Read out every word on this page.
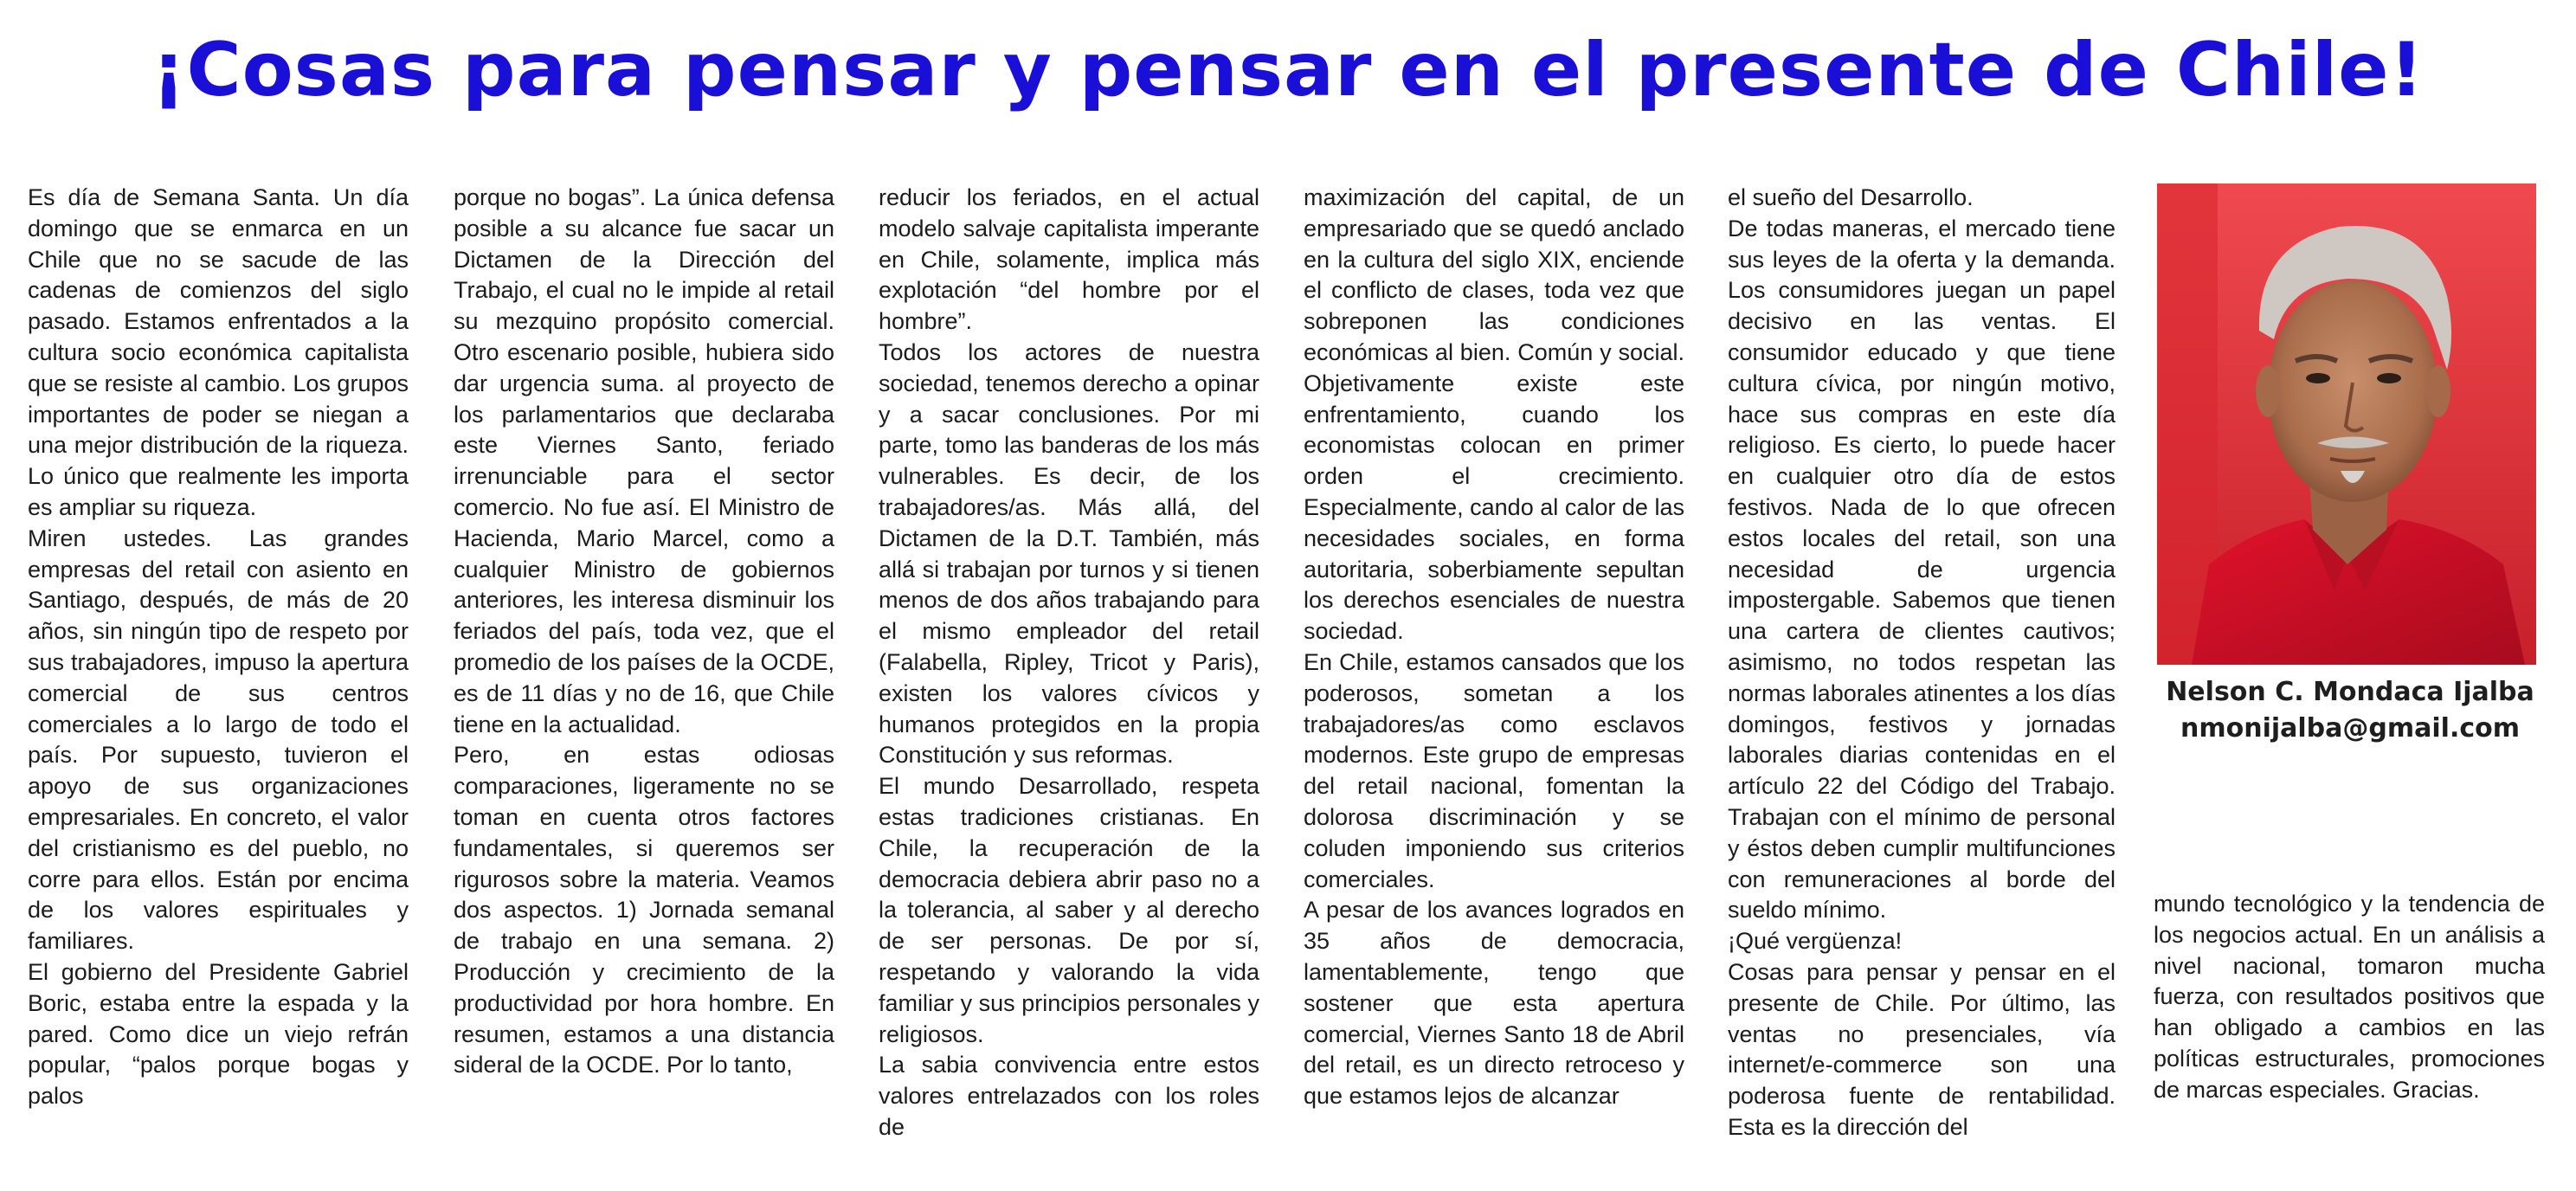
¡Cosas para pensar y pensar en el presente de Chile!

Es día de Semana Santa. Un día domingo que se enmarca en un Chile que no se sacude de las cadenas de comienzos del siglo pasado. Estamos enfrentados a la cultura socio económica capitalista que se resiste al cambio. Los grupos importantes de poder se niegan a una mejor distribución de la riqueza. Lo único que realmente les importa es ampliar su riqueza.

Miren ustedes. Las grandes empresas del retail con asiento en Santiago, después, de más de 20 años, sin ningún tipo de respeto por sus trabajadores, impuso la apertura comercial de sus centros comerciales a lo largo de todo el país. Por supuesto, tuvieron el apoyo de sus organizaciones empresariales. En concreto, el valor del cristianismo es del pueblo, no corre para ellos. Están por encima de los valores espirituales y familiares.

El gobierno del Presidente Gabriel Boric, estaba entre la espada y la pared. Como dice un viejo refrán popular, “palos porque bogas y palos

porque no bogas”. La única defensa posible a su alcance fue sacar un Dictamen de la Dirección del Trabajo, el cual no le impide al retail su mezquino propósito comercial. Otro escenario posible, hubiera sido dar urgencia suma. al proyecto de los parlamentarios que declaraba este Viernes Santo, feriado irrenunciable para el sector comercio. No fue así. El Ministro de Hacienda, Mario Marcel, como a cualquier Ministro de gobiernos anteriores, les interesa disminuir los feriados del país, toda vez, que el promedio de los países de la OCDE, es de 11 días y no de 16, que Chile tiene en la actualidad.

Pero, en estas odiosas comparaciones, ligeramente no se toman en cuenta otros factores fundamentales, si queremos ser rigurosos sobre la materia. Veamos dos aspectos. 1) Jornada semanal de trabajo en una semana. 2) Producción y crecimiento de la productividad por hora hombre. En resumen, estamos a una distancia sideral de la OCDE. Por lo tanto,

reducir los feriados, en el actual modelo salvaje capitalista imperante en Chile, solamente, implica más explotación “del hombre por el hombre”.

Todos los actores de nuestra sociedad, tenemos derecho a opinar y a sacar conclusiones. Por mi parte, tomo las banderas de los más vulnerables. Es decir, de los trabajadores/as. Más allá, del Dictamen de la D.T. También, más allá si trabajan por turnos y si tienen menos de dos años trabajando para el mismo empleador del retail (Falabella, Ripley, Tricot y Paris), existen los valores cívicos y humanos protegidos en la propia Constitución y sus reformas.

El mundo Desarrollado, respeta estas tradiciones cristianas. En Chile, la recuperación de la democracia debiera abrir paso no a la tolerancia, al saber y al derecho de ser personas. De por sí, respetando y valorando la vida familiar y sus principios personales y religiosos.

La sabia convivencia entre estos valores entrelazados con los roles de

maximización del capital, de un empresariado que se quedó anclado en la cultura del siglo XIX, enciende el conflicto de clases, toda vez que sobreponen las condiciones económicas al bien. Común y social. Objetivamente existe este enfrentamiento, cuando los economistas colocan en primer orden el crecimiento. Especialmente, cando al calor de las necesidades sociales, en forma autoritaria, soberbiamente sepultan los derechos esenciales de nuestra sociedad.

En Chile, estamos cansados que los poderosos, sometan a los trabajadores/as como esclavos modernos. Este grupo de empresas del retail nacional, fomentan la dolorosa discriminación y se coluden imponiendo sus criterios comerciales.

A pesar de los avances logrados en 35 años de democracia, lamentablemente, tengo que sostener que esta apertura comercial, Viernes Santo 18 de Abril del retail, es un directo retroceso y que estamos lejos de alcanzar

el sueño del Desarrollo.

De todas maneras, el mercado tiene sus leyes de la oferta y la demanda. Los consumidores juegan un papel decisivo en las ventas. El consumidor educado y que tiene cultura cívica, por ningún motivo, hace sus compras en este día religioso. Es cierto, lo puede hacer en cualquier otro día de estos festivos. Nada de lo que ofrecen estos locales del retail, son una necesidad de urgencia impostergable. Sabemos que tienen una cartera de clientes cautivos; asimismo, no todos respetan las normas laborales atinentes a los días domingos, festivos y jornadas laborales diarias contenidas en el artículo 22 del Código del Trabajo. Trabajan con el mínimo de personal y éstos deben cumplir multifunciones con remuneraciones al borde del sueldo mínimo.

¡Qué vergüenza!

Cosas para pensar y pensar en el presente de Chile. Por último, las ventas no presenciales, vía internet/e-commerce son una poderosa fuente de rentabilidad. Esta es la dirección del

mundo tecnológico y la tendencia de los negocios actual. En un análisis a nivel nacional, tomaron mucha fuerza, con resultados positivos que han obligado a cambios en las políticas estructurales, promociones de marcas especiales. Gracias.

Nelson C. Mondaca Ijalba
nmonijalba@gmail.com
